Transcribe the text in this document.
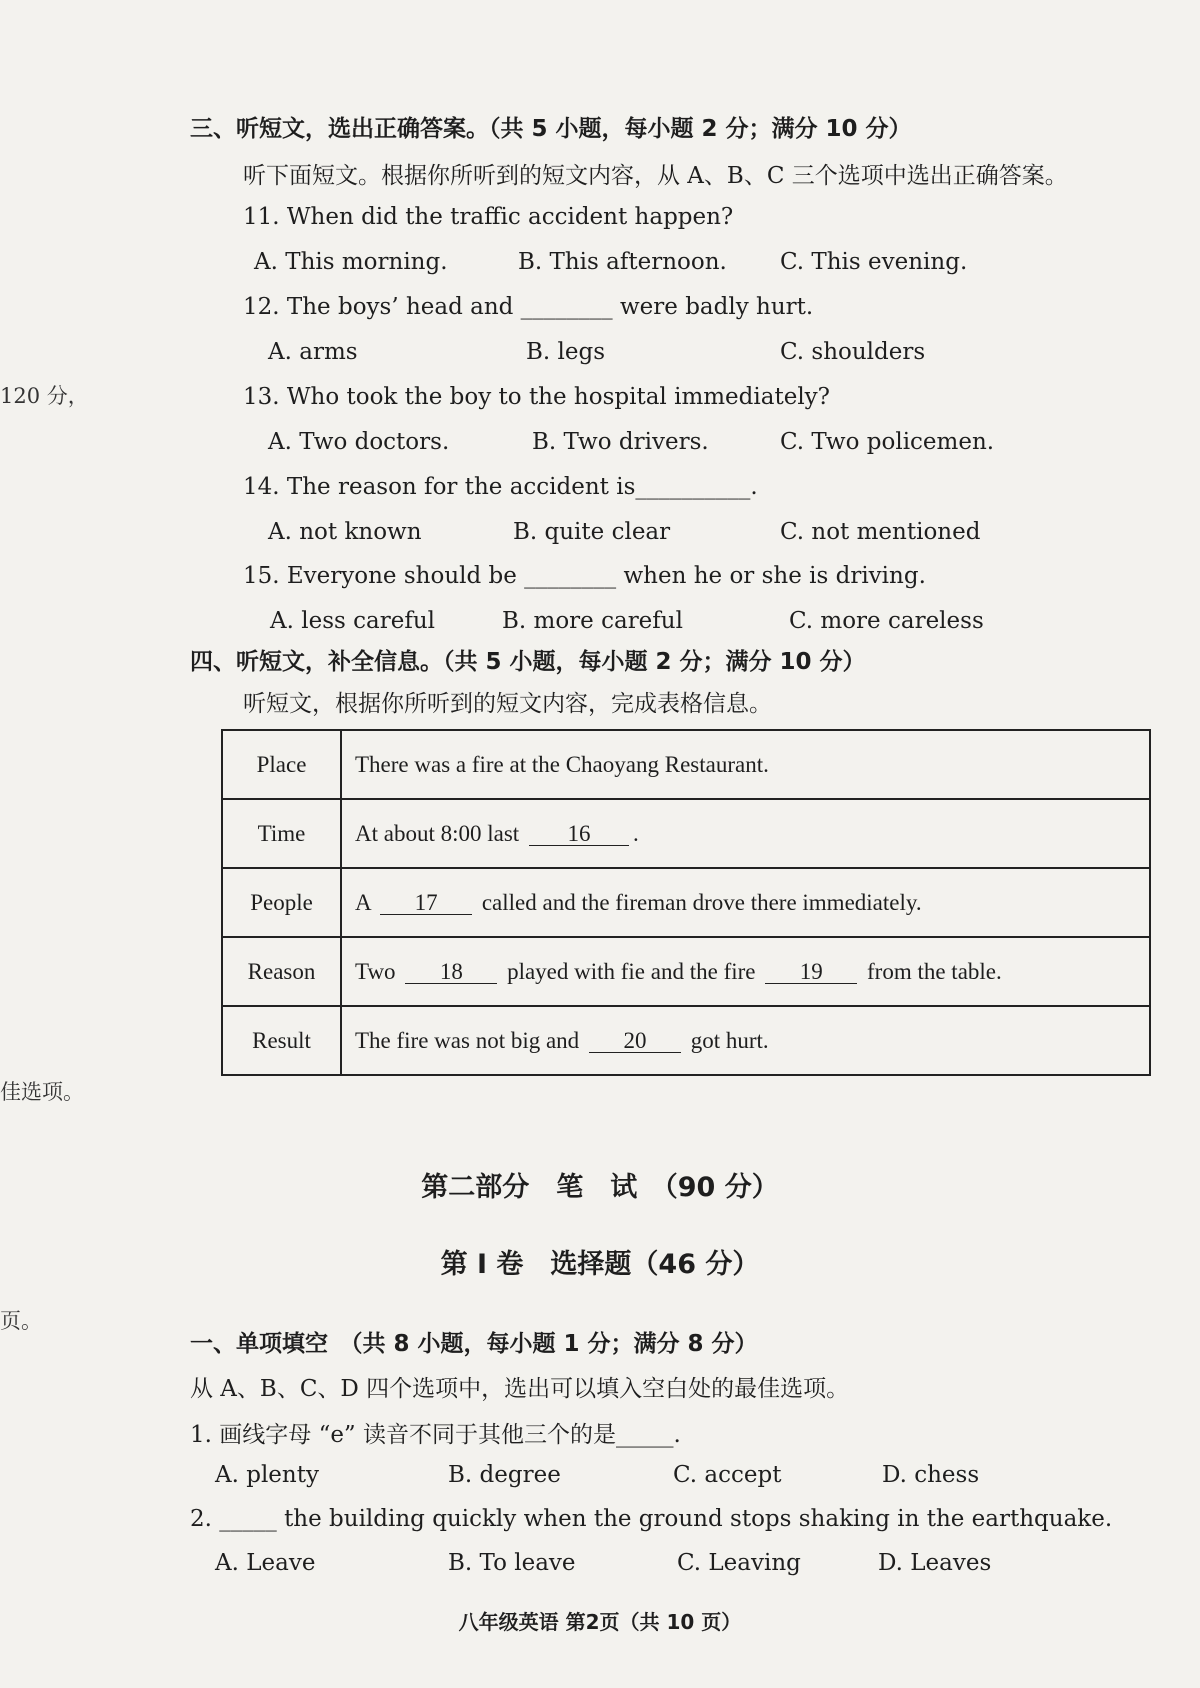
120 分，
佳选项。
页。
三、听短文，选出正确答案。（共 5 小题，每小题 2 分；满分 10 分）
听下面短文。根据你所听到的短文内容，从 A、B、C 三个选项中选出正确答案。
11. When did the traffic accident happen?
A. This morning.	B. This afternoon. C. This evening.
12. The boys’ head and ________ were badly hurt.
A. arms	B. legs	C. shoulders
13. Who took the boy to the hospital immediately?
A. Two doctors.	B. Two drivers.	C. Two policemen.
14. The reason for the accident is__________.
A. not known	B. quite clear	C. not mentioned
15. Everyone should be ________ when he or she is driving.
A. less careful	B. more careful	C. more careless
四、听短文，补全信息。（共 5 小题，每小题 2 分；满分 10 分）
听短文，根据你所听到的短文内容，完成表格信息。
Place	There was a fire at the Chaoyang Restaurant.
Time	At about 8:00 last 16 .
People	A 17 called and the fireman drove there immediately.
Reason	Two 18 played with fie and the fire 19 from the table.
Result	The fire was not big and 20 got hurt.
第二部分　笔　试　（90 分）
第 I 卷　选择题（46 分）
一、单项填空　（共 8 小题，每小题 1 分；满分 8 分）
从 A、B、C、D 四个选项中，选出可以填入空白处的最佳选项。
1. 画线字母 “e” 读音不同于其他三个的是_____.
A. plenty	B. degree	C. accept	D. chess
2. _____ the building quickly when the ground stops shaking in the earthquake.
A. Leave	B. To leave	C. Leaving	D. Leaves
八年级英语 第2页（共 10 页）
